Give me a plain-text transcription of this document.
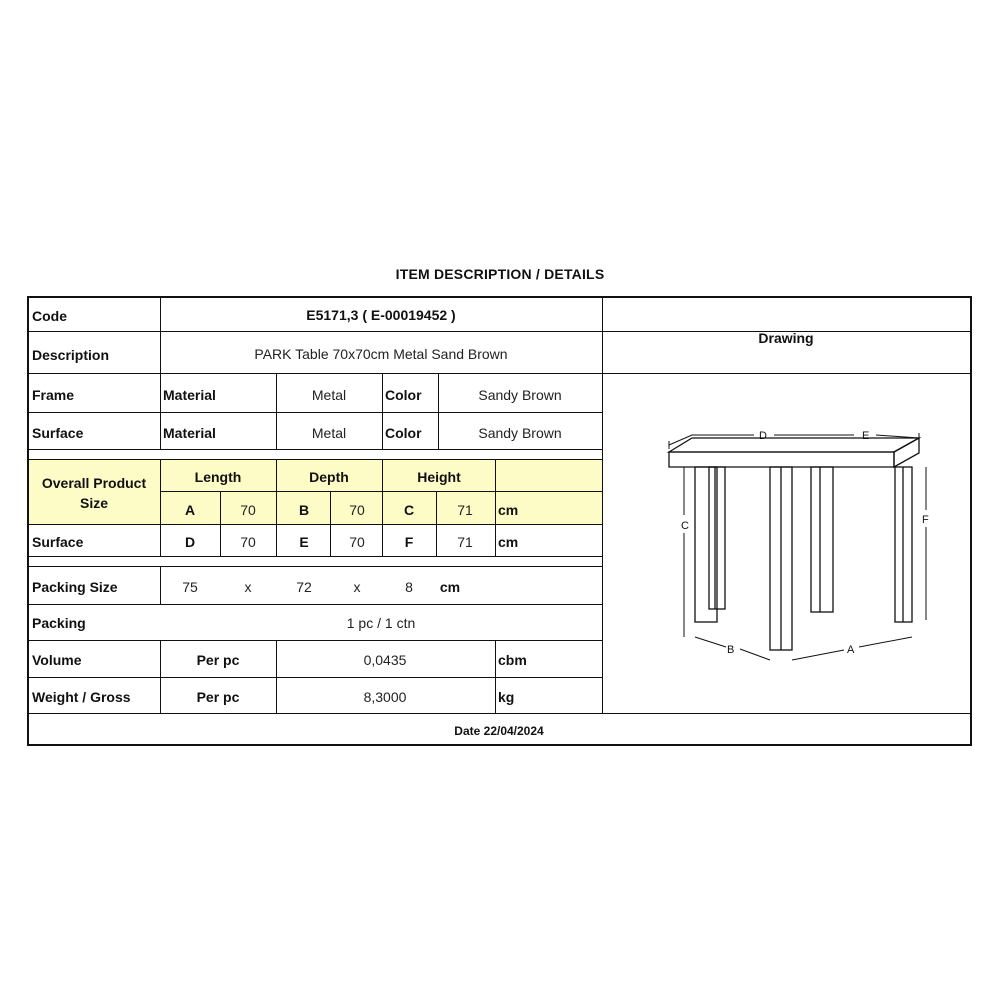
ITEM DESCRIPTION / DETAILS
Code	E5171,3 ( E-00019452 )
Description	PARK Table 70x70cm Metal Sand Brown
Drawing
Frame	Material	Metal	Color	Sandy Brown
Surface	Material	Metal	Color	Sandy Brown
Overall Product
Size
Length	Depth	Height
A	70	B	70	C	71 cm
Surface	D	70	E	70	F	71 cm
Packing Size	75	x	72	x	8 cm
Packing	1 pc / 1 ctn
Volume	Per pc	0,0435	cbm
Weight / Gross	Per pc	8,3000	kg
Date 22/04/2024
D	E
C	F
B	A
